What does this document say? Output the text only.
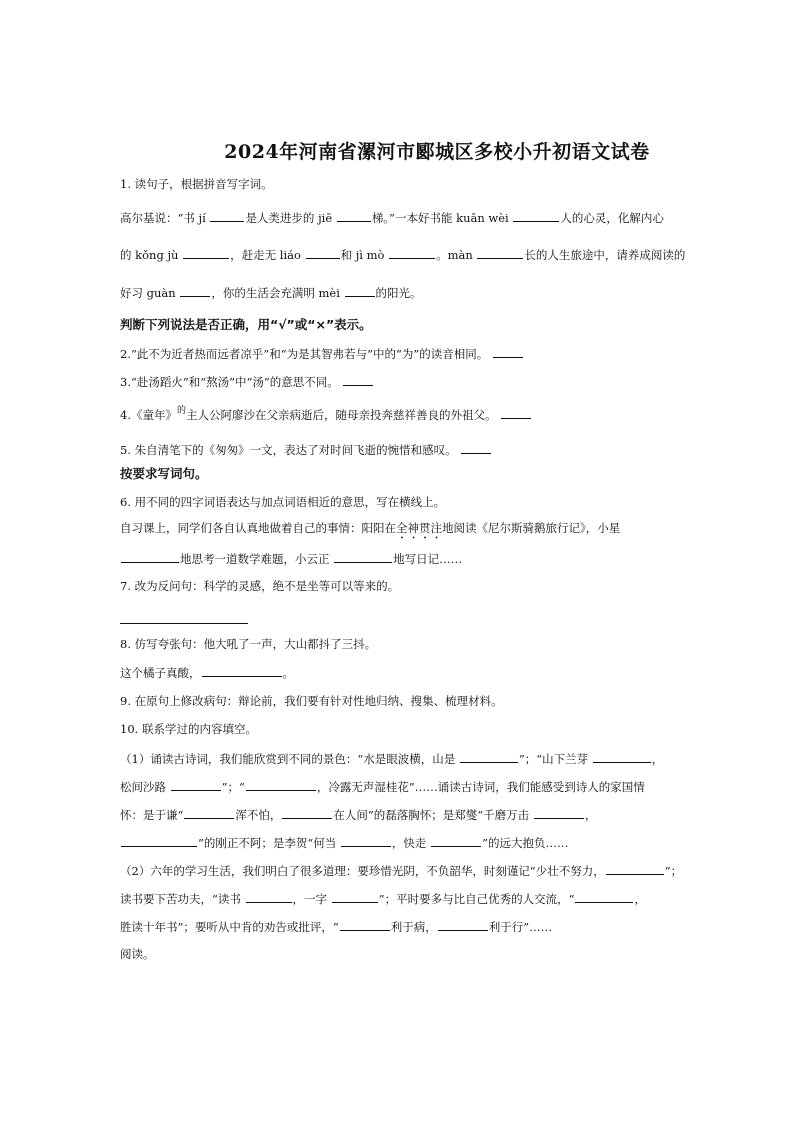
2024年河南省漯河市郾城区多校小升初语文试卷
1. 读句子，根据拼音写字词。
高尔基说：“书 jí	是人类进步的 jiē	梯。”一本好书能 kuān wèi	人的心灵，化解内心
的 kǒng jù	，赶走无 liáo	和 jì mò	。màn	长的人生旅途中，请养成阅读的
好习 guàn	，你的生活会充满明 mèi	的阳光。
判断下列说法是否正确，用“√”或“×”表示。
2.“此不为近者热而远者凉乎”和“为是其智弗若与”中的“为”的读音相同。
3.“赴汤蹈火”和“熬汤”中“汤”的意思不同。
4.《童年》$^的$主人公阿廖沙在父亲病逝后，随母亲投奔慈祥善良的外祖父。
5. 朱自清笔下的《匆匆》一文，表达了对时间飞逝的惋惜和感叹。
按要求写词句。
6. 用不同的四字词语表达与加点词语相近的意思，写在横线上。
自习课上，同学们各自认真地做着自己的事情：阳阳在全神贯注地阅读《尼尔斯骑鹅旅行记》，小星
地思考一道数学难题，小云正	地写日记……
7. 改为反问句：科学的灵感，绝不是坐等可以等来的。
8. 仿写夸张句：他大吼了一声，大山都抖了三抖。
这个橘子真酸，	。
9. 在原句上修改病句：辩论前，我们要有针对性地归纳、搜集、梳理材料。
10. 联系学过的内容填空。
（1）诵读古诗词，我们能欣赏到不同的景色：“水是眼波横，山是	”；“山下兰芽	，
松间沙路	”；“	，冷露无声湿桂花”……诵读古诗词，我们能感受到诗人的家国情
怀：是于谦“	浑不怕，	在人间”的磊落胸怀；是郑燮“千磨万击	，
”的刚正不阿；是李贺“何当	，快走	”的远大抱负……
（2）六年的学习生活，我们明白了很多道理：要珍惜光阴，不负韶华，时刻谨记“少壮不努力，	”；
读书要下苦功夫，“读书	，一字	”；平时要多与比自己优秀的人交流，“	，
胜读十年书”；要听从中肯的劝告或批评，“	利于病，	利于行”……
阅读。
